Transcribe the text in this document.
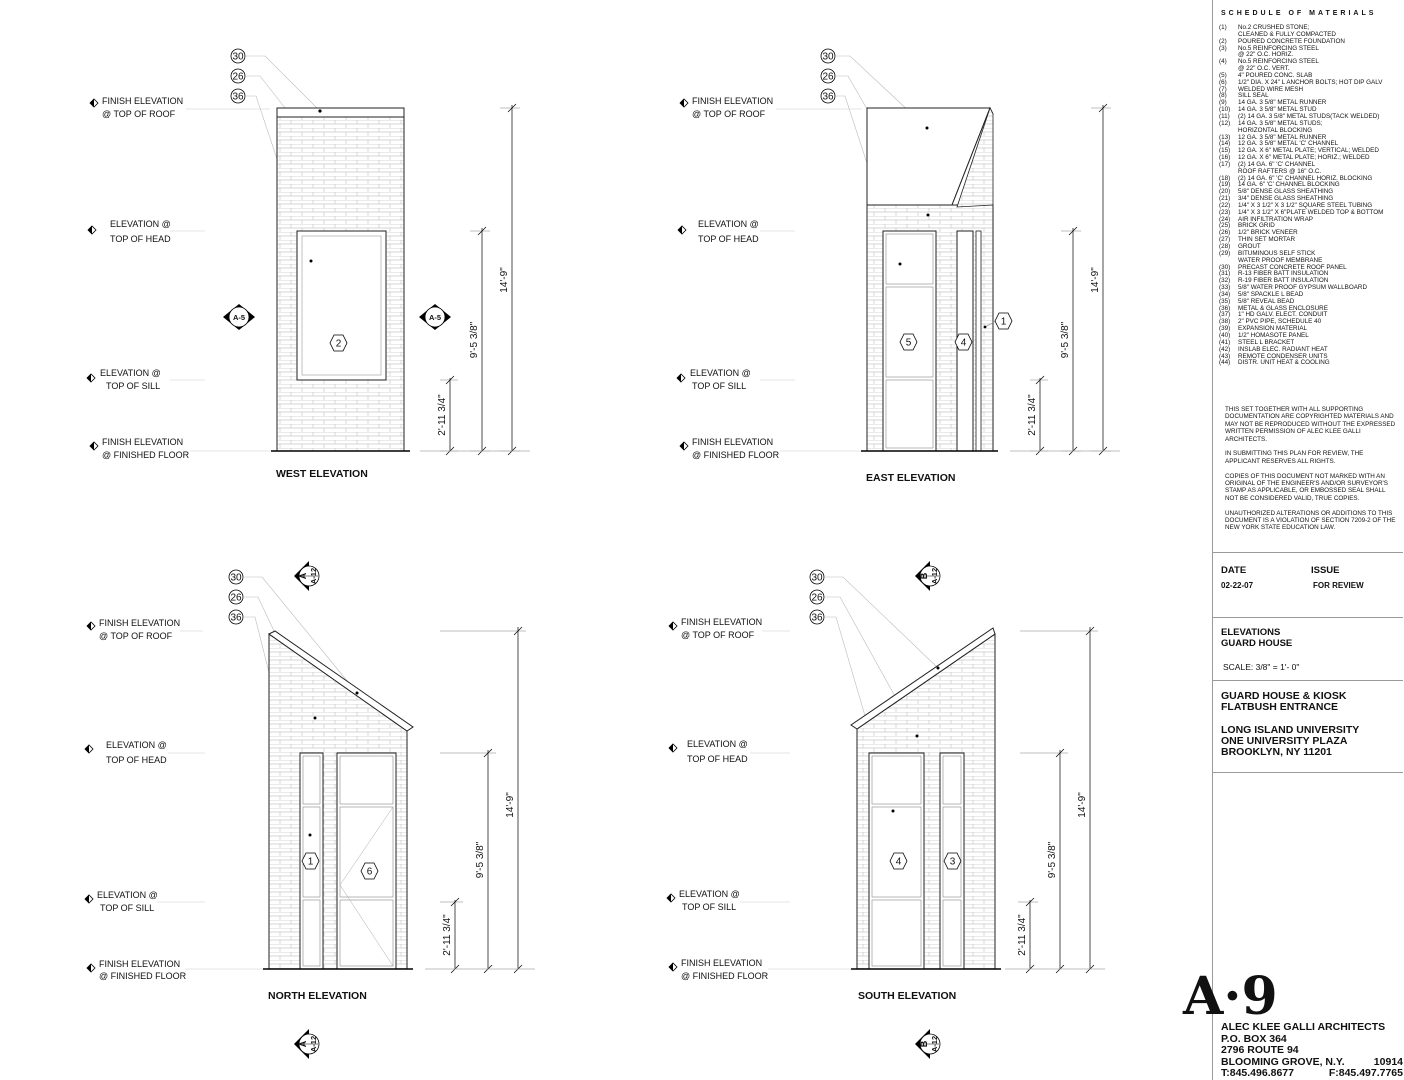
FINISH ELEVATION
@ TOP OF ROOF
ELEVATION @
TOP OF HEAD
ELEVATION @
TOP OF SILL
FINISH ELEVATION
@ FINISHED FLOOR
30
26
36
2
A-5	A-5
14'-9"
9'-5 3/8"
2'-11 3/4"
WEST ELEVATION
FINISH ELEVATION
@ TOP OF ROOF
ELEVATION @
TOP OF HEAD
ELEVATION @
TOP OF SILL
FINISH ELEVATION
@ FINISHED FLOOR
30
26
36
5	4
1
14'-9"
9'-5 3/8"
2'-11 3/4"
EAST ELEVATION
FINISH ELEVATION
@ TOP OF ROOF
ELEVATION @
TOP OF HEAD
ELEVATION @
TOP OF SILL
FINISH ELEVATION
@ FINISHED FLOOR
30
26
36
1
6
A A-12
A A-12
14'-9"
9'-5 3/8"
2'-11 3/4"
NORTH ELEVATION
FINISH ELEVATION
@ TOP OF ROOF
ELEVATION @
TOP OF HEAD
ELEVATION @
TOP OF SILL
FINISH ELEVATION
@ FINISHED FLOOR
30
26
36
4	3
B A-12
B A-12
14'-9"
9'-5 3/8"
2'-11 3/4"
SOUTH ELEVATION
SCHEDULE OF MATERIALS
(1)	No.2 CRUSHED STONE;
CLEANED & FULLY COMPACTED
(2)	POURED CONCRETE FOUNDATION
(3)	No.5 REINFORCING STEEL
@ 22" O.C. HORIZ.
(4)	No.5 REINFORCING STEEL
@ 22" O.C. VERT.
(5)	4" POURED CONC. SLAB
(6)	1/2" DIA. X 24" L ANCHOR BOLTS; HOT DIP GALV
(7)	WELDED WIRE MESH
(8)	SILL SEAL
(9)	14 GA. 3 5/8" METAL RUNNER
(10)	14 GA. 3 5/8" METAL STUD
(11)	(2) 14 GA. 3 5/8" METAL STUDS(TACK WELDED)
(12)	14 GA. 3 5/8" METAL STUDS;
HORIZONTAL BLOCKING
(13)	12 GA. 3 5/8" METAL RUNNER
(14)	12 GA. 3 5/8" METAL 'C' CHANNEL
(15)	12 GA. X 6" METAL PLATE; VERTICAL; WELDED
(16)	12 GA. X 6" METAL PLATE; HORIZ.; WELDED
(17)	(2) 14 GA. 6" 'C' CHANNEL
ROOF RAFTERS @ 16" O.C.
(18)	(2) 14 GA. 6" 'C' CHANNEL HORIZ. BLOCKING
(19)	14 GA. 6" 'C' CHANNEL BLOCKING
(20)	5/8" DENSE GLASS SHEATHING
(21)	3/4" DENSE GLASS SHEATHING
(22)	1/4" X 3 1/2" X 3 1/2" SQUARE STEEL TUBING
(23)	1/4" X 3 1/2" X 6"PLATE WELDED TOP & BOTTOM
(24)	AIR INFILTRATION WRAP
(25)	BRICK GRID
(26)	1/2" BRICK VENEER
(27)	THIN SET MORTAR
(28)	GROUT
(29)	BITUMINOUS SELF STICK
WATER PROOF MEMBRANE
(30)	PRECAST CONCRETE ROOF PANEL
(31)	R-13 FIBER BATT INSULATION
(32)	R-19 FIBER BATT INSULATION
(33)	5/8" WATER PROOF GYPSUM WALLBOARD
(34)	5/8" SPACKLE L BEAD
(35)	5/8" REVEAL BEAD
(36)	METAL & GLASS ENCLOSURE
(37)	1" HD GALV. ELECT. CONDUIT
(38)	2" PVC PIPE, SCHEDULE 40
(39)	EXPANSION MATERIAL
(40)	1/2" HOMASOTE PANEL
(41)	STEEL L BRACKET
(42)	INSLAB ELEC. RADIANT HEAT
(43)	REMOTE CONDENSER UNITS
(44)	DISTR. UNIT HEAT & COOLING

THIS SET TOGETHER WITH ALL SUPPORTING DOCUMENTATION ARE COPYRIGHTED MATERIALS AND MAY NOT BE REPRODUCED WITHOUT THE EXPRESSED WRITTEN PERMISSION OF ALEC KLEE GALLI ARCHITECTS.

IN SUBMITTING THIS PLAN FOR REVIEW, THE APPLICANT RESERVES ALL RIGHTS.

COPIES OF THIS DOCUMENT NOT MARKED WITH AN ORIGINAL OF THE ENGINEER'S AND/OR SURVEYOR'S STAMP AS APPLICABLE, OR EMBOSSED SEAL SHALL NOT BE CONSIDERED VALID, TRUE COPIES.

UNAUTHORIZED ALTERATIONS OR ADDITIONS TO THIS DOCUMENT IS A VIOLATION OF SECTION 7209-2 OF THE NEW YORK STATE EDUCATION LAW.

DATE	ISSUE
02-22-07	FOR REVIEW
ELEVATIONS
GUARD HOUSE
SCALE: 3/8" = 1'- 0"
GUARD HOUSE & KIOSK
FLATBUSH ENTRANCE
LONG ISLAND UNIVERSITY
ONE UNIVERSITY PLAZA
BROOKLYN, NY 11201
A·9
ALEC KLEE GALLI ARCHITECTS
P.O. BOX 364
2796 ROUTE 94
BLOOMING GROVE, N.Y.	10914
T:845.496.8677	F:845.497.7765
